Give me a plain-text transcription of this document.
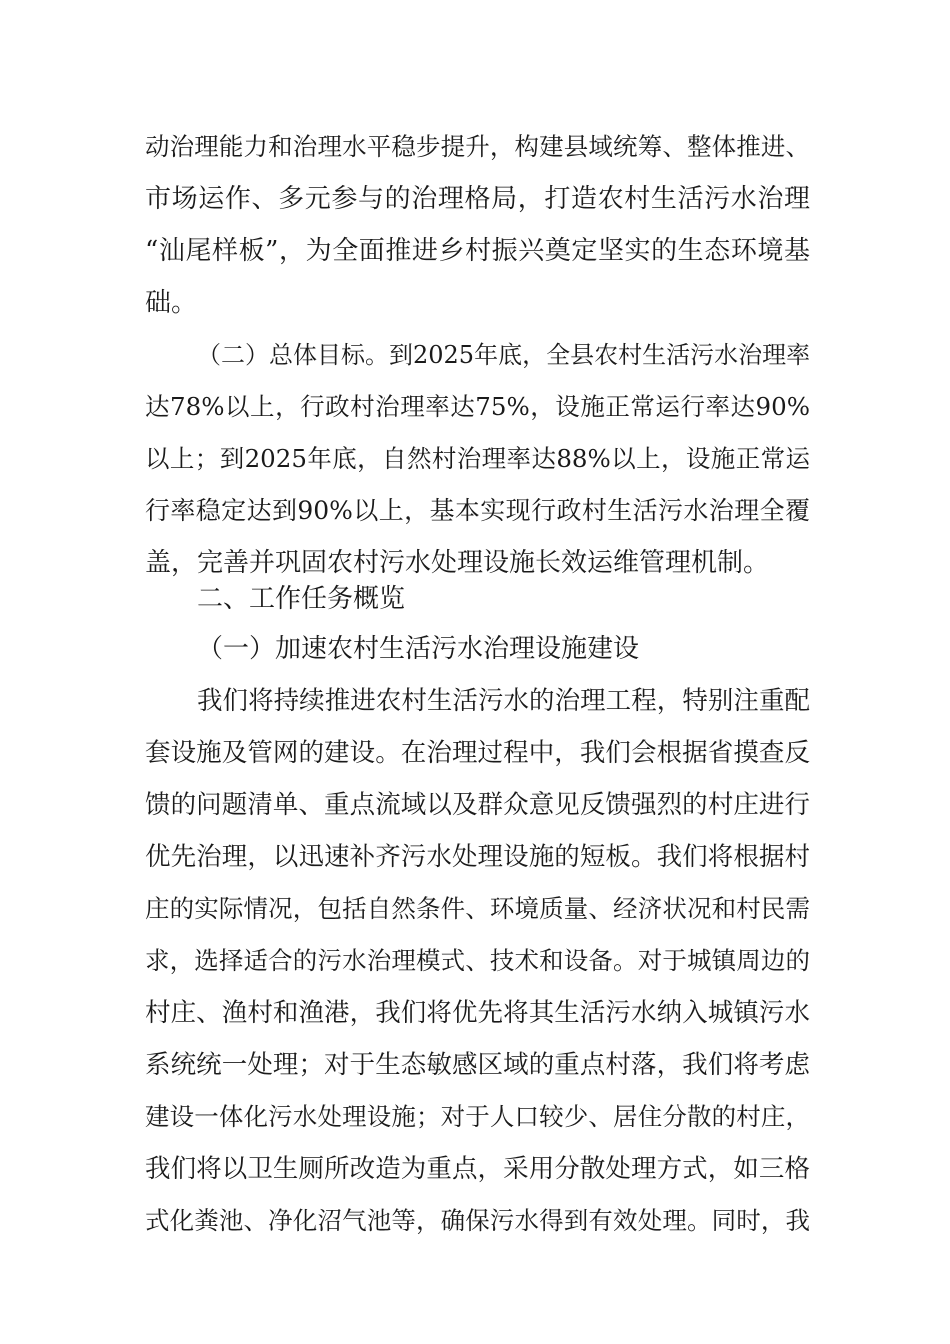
动治理能力和治理水平稳步提升，构建县域统筹、整体推进、
市场运作、多元参与的治理格局，打造农村生活污水治理
“汕尾样板”，为全面推进乡村振兴奠定坚实的生态环境基
础。
（二）总体目标。到2025年底，全县农村生活污水治理率
达78%以上，行政村治理率达75%，设施正常运行率达90%
以上；到2025年底，自然村治理率达88%以上，设施正常运
行率稳定达到90%以上，基本实现行政村生活污水治理全覆
盖，完善并巩固农村污水处理设施长效运维管理机制。
二、工作任务概览
（一）加速农村生活污水治理设施建设
我们将持续推进农村生活污水的治理工程，特别注重配
套设施及管网的建设。在治理过程中，我们会根据省摸查反
馈的问题清单、重点流域以及群众意见反馈强烈的村庄进行
优先治理，以迅速补齐污水处理设施的短板。我们将根据村
庄的实际情况，包括自然条件、环境质量、经济状况和村民需
求，选择适合的污水治理模式、技术和设备。对于城镇周边的
村庄、渔村和渔港，我们将优先将其生活污水纳入城镇污水
系统统一处理；对于生态敏感区域的重点村落，我们将考虑
建设一体化污水处理设施；对于人口较少、居住分散的村庄，
我们将以卫生厕所改造为重点，采用分散处理方式，如三格
式化粪池、净化沼气池等，确保污水得到有效处理。同时，我
